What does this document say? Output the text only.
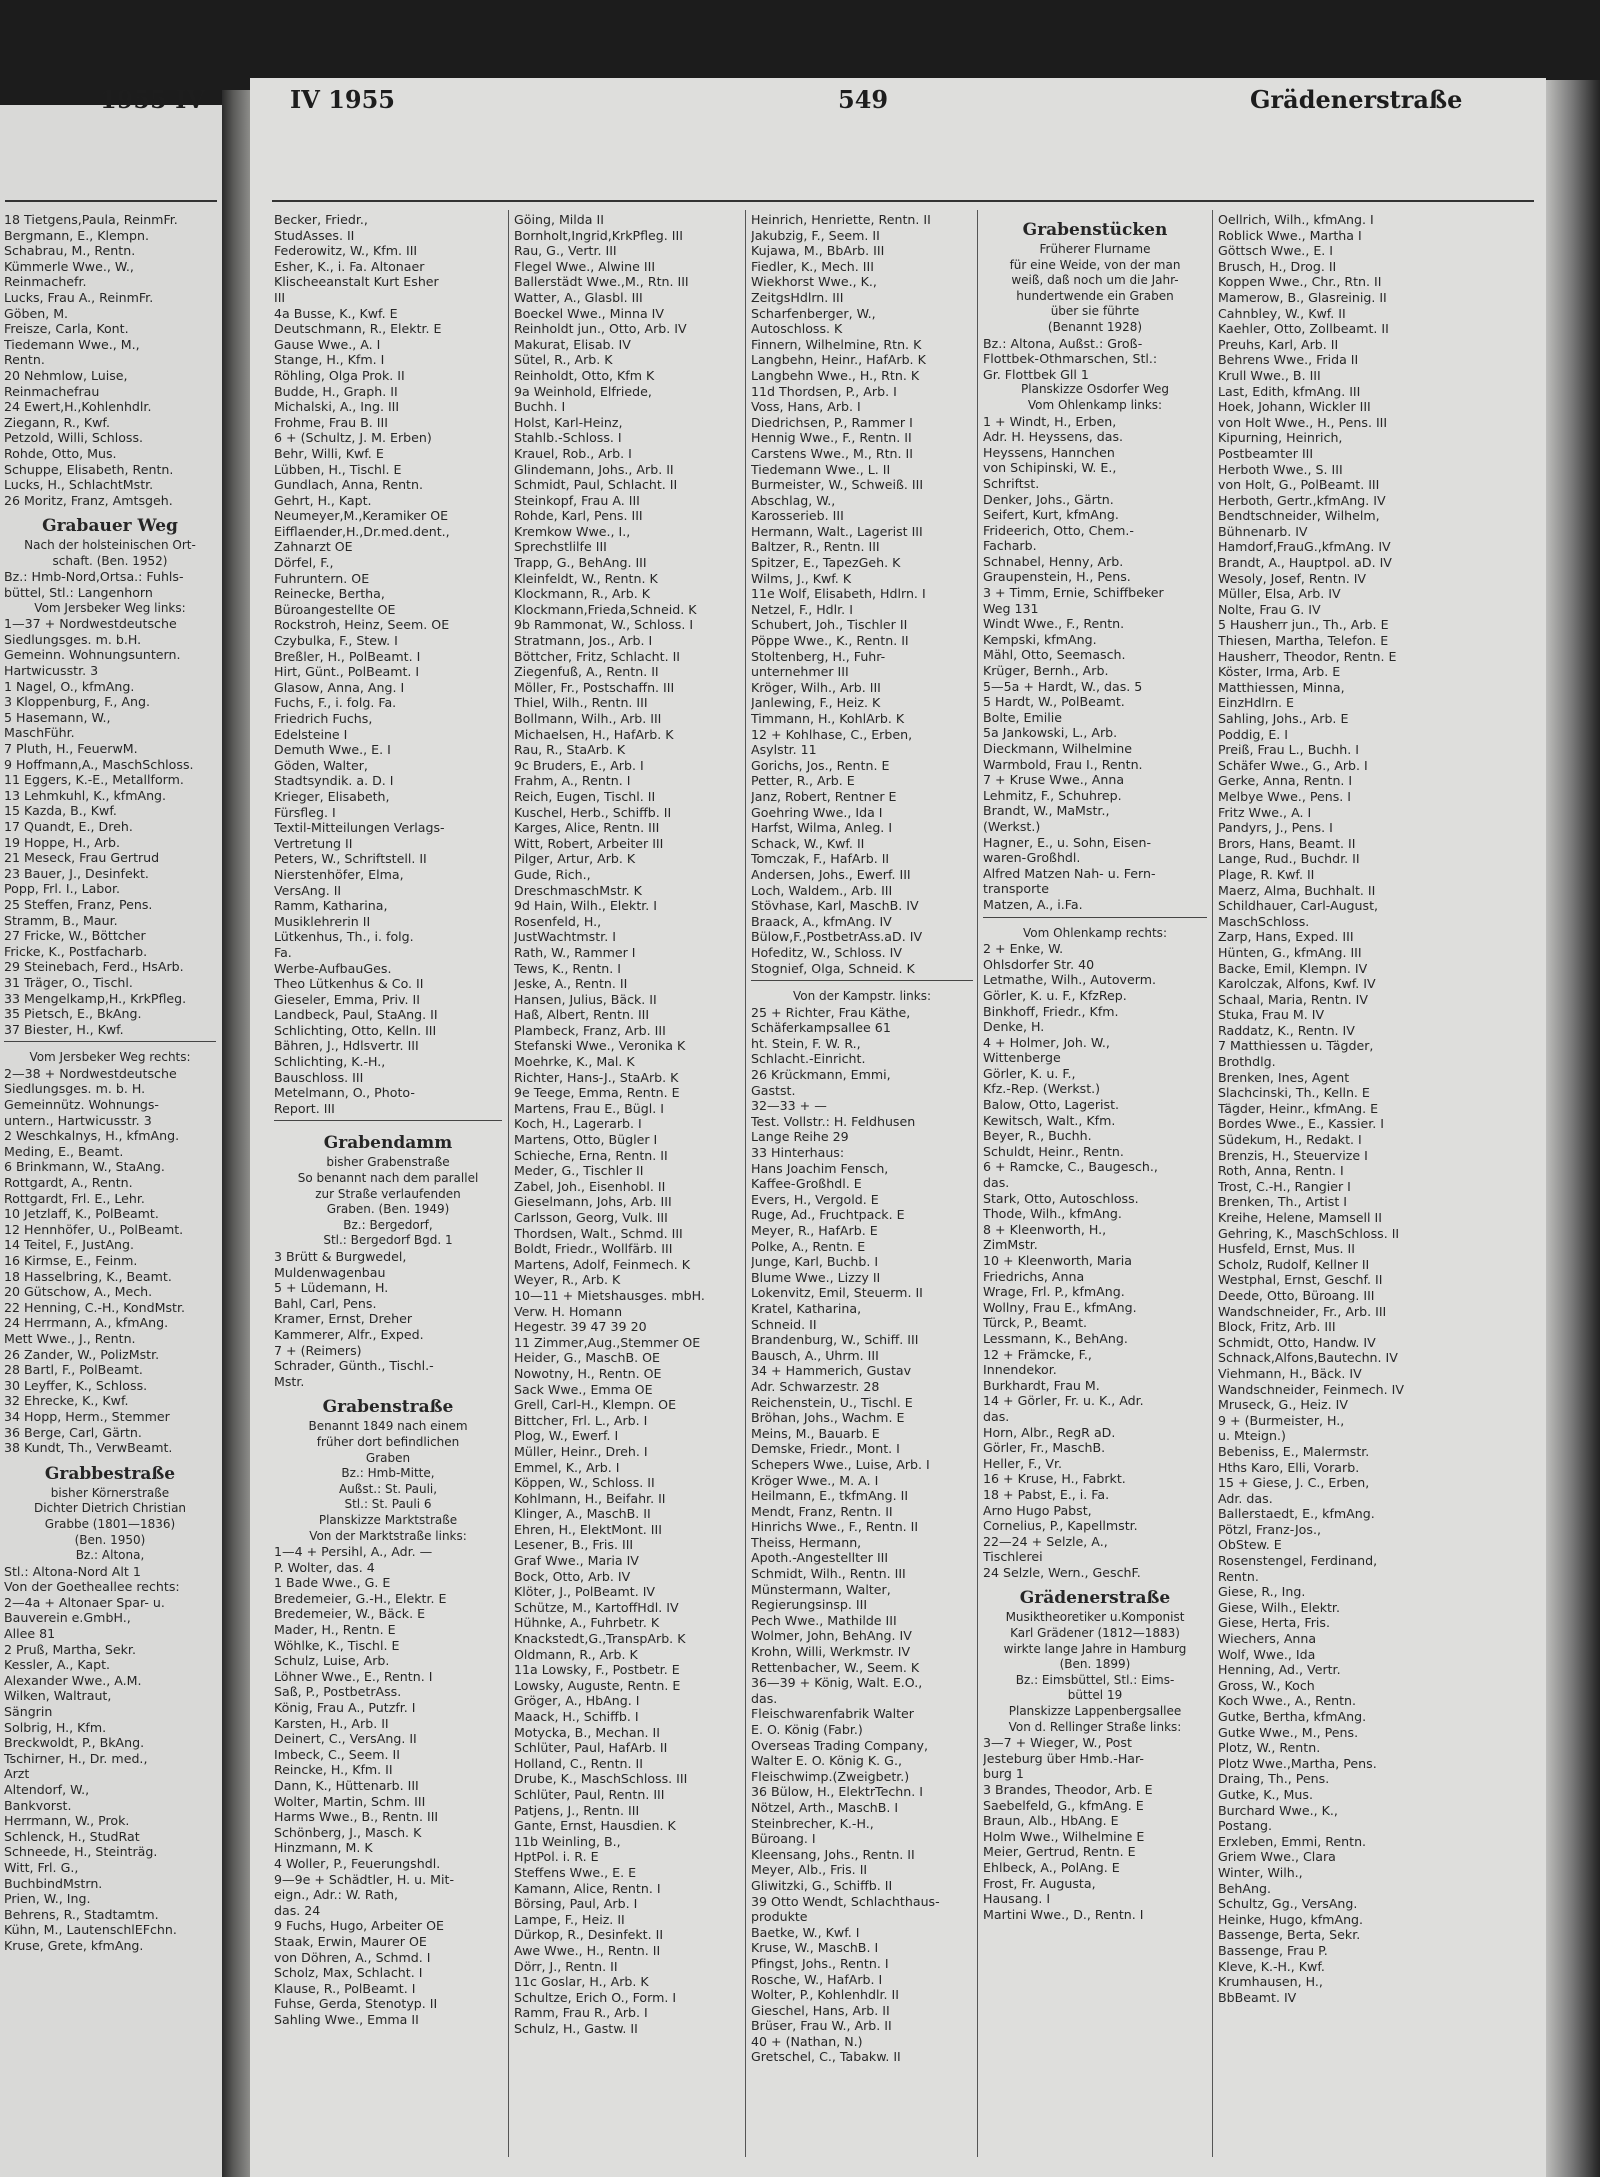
1955 IV	IV 1955	549	Grädenerstraße
18 Tietgens,Paula, ReinmFr.
Bergmann, E., Klempn.
Schabrau, M., Rentn.
Kümmerle Wwe., W.,
Reinmachefr.
Lucks, Frau A., ReinmFr.
Göben, M.
Freisze, Carla, Kont.
Tiedemann Wwe., M.,
Rentn.
20 Nehmlow, Luise,
Reinmachefrau
24 Ewert,H.,Kohlenhdlr.
Ziegann, R., Kwf.
Petzold, Willi, Schloss.
Rohde, Otto, Mus.
Schuppe, Elisabeth, Rentn.
Lucks, H., SchlachtMstr.
26 Moritz, Franz, Amtsgeh.
Grabauer Weg
Nach der holsteinischen Ort-
schaft. (Ben. 1952)
Bz.: Hmb-Nord,Ortsa.: Fuhls-
büttel, Stl.: Langenhorn
Vom Jersbeker Weg links:
1—37 + Nordwestdeutsche
Siedlungsges. m. b.H.
Gemeinn. Wohnungsuntern.
Hartwicusstr. 3
1 Nagel, O., kfmAng.
3 Kloppenburg, F., Ang.
5 Hasemann, W.,
MaschFühr.
7 Pluth, H., FeuerwM.
9 Hoffmann,A., MaschSchloss.
11 Eggers, K.-E., Metallform.
13 Lehmkuhl, K., kfmAng.
15 Kazda, B., Kwf.
17 Quandt, E., Dreh.
19 Hoppe, H., Arb.
21 Meseck, Frau Gertrud
23 Bauer, J., Desinfekt.
Popp, Frl. I., Labor.
25 Steffen, Franz, Pens.
Stramm, B., Maur.
27 Fricke, W., Böttcher
Fricke, K., Postfacharb.
29 Steinebach, Ferd., HsArb.
31 Träger, O., Tischl.
33 Mengelkamp,H., KrkPfleg.
35 Pietsch, E., BkAng.
37 Biester, H., Kwf.
Vom Jersbeker Weg rechts:
2—38 + Nordwestdeutsche
Siedlungsges. m. b. H.
Gemeinnütz. Wohnungs-
untern., Hartwicusstr. 3
2 Weschkalnys, H., kfmAng.
Meding, E., Beamt.
6 Brinkmann, W., StaAng.
Rottgardt, A., Rentn.
Rottgardt, Frl. E., Lehr.
10 Jetzlaff, K., PolBeamt.
12 Hennhöfer, U., PolBeamt.
14 Teitel, F., JustAng.
16 Kirmse, E., Feinm.
18 Hasselbring, K., Beamt.
20 Gütschow, A., Mech.
22 Henning, C.-H., KondMstr.
24 Herrmann, A., kfmAng.
Mett Wwe., J., Rentn.
26 Zander, W., PolizMstr.
28 Bartl, F., PolBeamt.
30 Leyffer, K., Schloss.
32 Ehrecke, K., Kwf.
34 Hopp, Herm., Stemmer
36 Berge, Carl, Gärtn.
38 Kundt, Th., VerwBeamt.
Grabbestraße
bisher Körnerstraße
Dichter Dietrich Christian
Grabbe (1801—1836)
(Ben. 1950)
Bz.: Altona,
Stl.: Altona-Nord Alt 1
Von der Goetheallee rechts:
2—4a + Altonaer Spar- u.
Bauverein e.GmbH.,
Allee 81
2 Pruß, Martha, Sekr.
Kessler, A., Kapt.
Alexander Wwe., A.M.
Wilken, Waltraut,
Sängrin
Solbrig, H., Kfm.
Breckwoldt, P., BkAng.
Tschirner, H., Dr. med.,
Arzt
Altendorf, W.,
Bankvorst.
Herrmann, W., Prok.
Schlenck, H., StudRat
Schneede, H., Steinträg.
Witt, Frl. G.,
BuchbindMstrn.
Prien, W., Ing.
Behrens, R., Stadtamtm.
Kühn, M., LautenschlEFchn.
Kruse, Grete, kfmAng.
Becker, Friedr.,
StudAsses. II
Federowitz, W., Kfm. III
Esher, K., i. Fa. Altonaer
Klischeeanstalt Kurt Esher
III
4a Busse, K., Kwf. E
Deutschmann, R., Elektr. E
Gause Wwe., A. I
Stange, H., Kfm. I
Röhling, Olga Prok. II
Budde, H., Graph. II
Michalski, A., Ing. III
Frohme, Frau B. III
6 + (Schultz, J. M. Erben)
Behr, Willi, Kwf. E
Lübben, H., Tischl. E
Gundlach, Anna, Rentn.
Gehrt, H., Kapt.
Neumeyer,M.,Keramiker OE
Eifflaender,H.,Dr.med.dent.,
Zahnarzt OE
Dörfel, F.,
Fuhruntern. OE
Reinecke, Bertha,
Büroangestellte OE
Rockstroh, Heinz, Seem. OE
Czybulka, F., Stew. I
Breßler, H., PolBeamt. I
Hirt, Günt., PolBeamt. I
Glasow, Anna, Ang. I
Fuchs, F., i. folg. Fa.
Friedrich Fuchs,
Edelsteine I
Demuth Wwe., E. I
Göden, Walter,
Stadtsyndik. a. D. I
Krieger, Elisabeth,
Fürsfleg. I
Textil-Mitteilungen Verlags-
Vertretung II
Peters, W., Schriftstell. II
Nierstenhöfer, Elma,
VersAng. II
Ramm, Katharina,
Musiklehrerin II
Lütkenhus, Th., i. folg.
Fa.
Werbe-AufbauGes.
Theo Lütkenhus & Co. II
Gieseler, Emma, Priv. II
Landbeck, Paul, StaAng. II
Schlichting, Otto, Kelln. III
Bähren, J., Hdlsvertr. III
Schlichting, K.-H.,
Bauschloss. III
Metelmann, O., Photo-
Report. III
Grabendamm
bisher Grabenstraße
So benannt nach dem parallel
zur Straße verlaufenden
Graben. (Ben. 1949)
Bz.: Bergedorf,
Stl.: Bergedorf Bgd. 1
3 Brütt & Burgwedel,
Muldenwagenbau
5 + Lüdemann, H.
Bahl, Carl, Pens.
Kramer, Ernst, Dreher
Kammerer, Alfr., Exped.
7 + (Reimers)
Schrader, Günth., Tischl.-
Mstr.
Grabenstraße
Benannt 1849 nach einem
früher dort befindlichen
Graben
Bz.: Hmb-Mitte,
Außst.: St. Pauli,
Stl.: St. Pauli 6
Planskizze Marktstraße
Von der Marktstraße links:
1—4 + Persihl, A., Adr. —
P. Wolter, das. 4
1 Bade Wwe., G. E
Bredemeier, G.-H., Elektr. E
Bredemeier, W., Bäck. E
Mader, H., Rentn. E
Wöhlke, K., Tischl. E
Schulz, Luise, Arb.
Löhner Wwe., E., Rentn. I
Saß, P., PostbetrAss.
König, Frau A., Putzfr. I
Karsten, H., Arb. II
Deinert, C., VersAng. II
Imbeck, C., Seem. II
Reincke, H., Kfm. II
Dann, K., Hüttenarb. III
Wolter, Martin, Schm. III
Harms Wwe., B., Rentn. III
Schönberg, J., Masch. K
Hinzmann, M. K
4 Woller, P., Feuerungshdl.
9—9e + Schädtler, H. u. Mit-
eign., Adr.: W. Rath,
das. 24
9 Fuchs, Hugo, Arbeiter OE
Staak, Erwin, Maurer OE
von Döhren, A., Schmd. I
Scholz, Max, Schlacht. I
Klause, R., PolBeamt. I
Fuhse, Gerda, Stenotyp. II
Sahling Wwe., Emma II
Göing, Milda II
Bornholt,Ingrid,KrkPfleg. III
Rau, G., Vertr. III
Flegel Wwe., Alwine III
Ballerstädt Wwe.,M., Rtn. III
Watter, A., Glasbl. III
Boeckel Wwe., Minna IV
Reinholdt jun., Otto, Arb. IV
Makurat, Elisab. IV
Sütel, R., Arb. K
Reinholdt, Otto, Kfm K
9a Weinhold, Elfriede,
Buchh. I
Holst, Karl-Heinz,
Stahlb.-Schloss. I
Krauel, Rob., Arb. I
Glindemann, Johs., Arb. II
Schmidt, Paul, Schlacht. II
Steinkopf, Frau A. III
Rohde, Karl, Pens. III
Kremkow Wwe., I.,
Sprechstlilfe III
Trapp, G., BehAng. III
Kleinfeldt, W., Rentn. K
Klockmann, R., Arb. K
Klockmann,Frieda,Schneid. K
9b Rammonat, W., Schloss. I
Stratmann, Jos., Arb. I
Böttcher, Fritz, Schlacht. II
Ziegenfuß, A., Rentn. II
Möller, Fr., Postschaffn. III
Thiel, Wilh., Rentn. III
Bollmann, Wilh., Arb. III
Michaelsen, H., HafArb. K
Rau, R., StaArb. K
9c Bruders, E., Arb. I
Frahm, A., Rentn. I
Reich, Eugen, Tischl. II
Kuschel, Herb., Schiffb. II
Karges, Alice, Rentn. III
Witt, Robert, Arbeiter III
Pilger, Artur, Arb. K
Gude, Rich.,
DreschmaschMstr. K
9d Hain, Wilh., Elektr. I
Rosenfeld, H.,
JustWachtmstr. I
Rath, W., Rammer I
Tews, K., Rentn. I
Jeske, A., Rentn. II
Hansen, Julius, Bäck. II
Haß, Albert, Rentn. III
Plambeck, Franz, Arb. III
Stefanski Wwe., Veronika K
Moehrke, K., Mal. K
Richter, Hans-J., StaArb. K
9e Teege, Emma, Rentn. E
Martens, Frau E., Bügl. I
Koch, H., Lagerarb. I
Martens, Otto, Bügler I
Schieche, Erna, Rentn. II
Meder, G., Tischler II
Zabel, Joh., Eisenhobl. II
Gieselmann, Johs, Arb. III
Carlsson, Georg, Vulk. III
Thordsen, Walt., Schmd. III
Boldt, Friedr., Wollfärb. III
Martens, Adolf, Feinmech. K
Weyer, R., Arb. K
10—11 + Mietshausges. mbH.
Verw. H. Homann
Hegestr. 39 47 39 20
11 Zimmer,Aug.,Stemmer OE
Heider, G., MaschB. OE
Nowotny, H., Rentn. OE
Sack Wwe., Emma OE
Grell, Carl-H., Klempn. OE
Bittcher, Frl. L., Arb. I
Plog, W., Ewerf. I
Müller, Heinr., Dreh. I
Emmel, K., Arb. I
Köppen, W., Schloss. II
Kohlmann, H., Beifahr. II
Klinger, A., MaschB. II
Ehren, H., ElektMont. III
Lesener, B., Fris. III
Graf Wwe., Maria IV
Bock, Otto, Arb. IV
Klöter, J., PolBeamt. IV
Schütze, M., KartoffHdl. IV
Hühnke, A., Fuhrbetr. K
Knackstedt,G.,TranspArb. K
Oldmann, R., Arb. K
11a Lowsky, F., Postbetr. E
Lowsky, Auguste, Rentn. E
Gröger, A., HbAng. I
Maack, H., Schiffb. I
Motycka, B., Mechan. II
Schlüter, Paul, HafArb. II
Holland, C., Rentn. II
Drube, K., MaschSchloss. III
Schlüter, Paul, Rentn. III
Patjens, J., Rentn. III
Gante, Ernst, Hausdien. K
11b Weinling, B.,
HptPol. i. R. E
Steffens Wwe., E. E
Kamann, Alice, Rentn. I
Börsing, Paul, Arb. I
Lampe, F., Heiz. II
Dürkop, R., Desinfekt. II
Awe Wwe., H., Rentn. II
Dörr, J., Rentn. II
11c Goslar, H., Arb. K
Schultze, Erich O., Form. I
Ramm, Frau R., Arb. I
Schulz, H., Gastw. II
Heinrich, Henriette, Rentn. II
Jakubzig, F., Seem. II
Kujawa, M., BbArb. III
Fiedler, K., Mech. III
Wiekhorst Wwe., K.,
ZeitgsHdlrn. III
Scharfenberger, W.,
Autoschloss. K
Finnern, Wilhelmine, Rtn. K
Langbehn, Heinr., HafArb. K
Langbehn Wwe., H., Rtn. K
11d Thordsen, P., Arb. I
Voss, Hans, Arb. I
Diedrichsen, P., Rammer I
Hennig Wwe., F., Rentn. II
Carstens Wwe., M., Rtn. II
Tiedemann Wwe., L. II
Burmeister, W., Schweiß. III
Abschlag, W.,
Karosserieb. III
Hermann, Walt., Lagerist III
Baltzer, R., Rentn. III
Spitzer, E., TapezGeh. K
Wilms, J., Kwf. K
11e Wolf, Elisabeth, Hdlrn. I
Netzel, F., Hdlr. I
Schubert, Joh., Tischler II
Pöppe Wwe., K., Rentn. II
Stoltenberg, H., Fuhr-
unternehmer III
Kröger, Wilh., Arb. III
Janlewing, F., Heiz. K
Timmann, H., KohlArb. K
12 + Kohlhase, C., Erben,
Asylstr. 11
Gorichs, Jos., Rentn. E
Petter, R., Arb. E
Janz, Robert, Rentner E
Goehring Wwe., Ida I
Harfst, Wilma, Anleg. I
Schack, W., Kwf. II
Tomczak, F., HafArb. II
Andersen, Johs., Ewerf. III
Loch, Waldem., Arb. III
Stövhase, Karl, MaschB. IV
Braack, A., kfmAng. IV
Bülow,F.,PostbetrAss.aD. IV
Hofeditz, W., Schloss. IV
Stognief, Olga, Schneid. K
Von der Kampstr. links:
25 + Richter, Frau Käthe,
Schäferkampsallee 61
ht. Stein, F. W. R.,
Schlacht.-Einricht.
26 Krückmann, Emmi,
Gastst.
32—33 + —
Test. Vollstr.: H. Feldhusen
Lange Reihe 29
33 Hinterhaus:
Hans Joachim Fensch,
Kaffee-Großhdl. E
Evers, H., Vergold. E
Ruge, Ad., Fruchtpack. E
Meyer, R., HafArb. E
Polke, A., Rentn. E
Junge, Karl, Buchb. I
Blume Wwe., Lizzy II
Lokenvitz, Emil, Steuerm. II
Kratel, Katharina,
Schneid. II
Brandenburg, W., Schiff. III
Bausch, A., Uhrm. III
34 + Hammerich, Gustav
Adr. Schwarzestr. 28
Reichenstein, U., Tischl. E
Bröhan, Johs., Wachm. E
Meins, M., Bauarb. E
Demske, Friedr., Mont. I
Schepers Wwe., Luise, Arb. I
Kröger Wwe., M. A. I
Heilmann, E., tkfmAng. II
Mendt, Franz, Rentn. II
Hinrichs Wwe., F., Rentn. II
Theiss, Hermann,
Apoth.-Angestellter III
Schmidt, Wilh., Rentn. III
Münstermann, Walter,
Regierungsinsp. III
Pech Wwe., Mathilde III
Wolmer, John, BehAng. IV
Krohn, Willi, Werkmstr. IV
Rettenbacher, W., Seem. K
36—39 + König, Walt. E.O.,
das.
Fleischwarenfabrik Walter
E. O. König (Fabr.)
Overseas Trading Company,
Walter E. O. König K. G.,
Fleischwimp.(Zweigbetr.)
36 Bülow, H., ElektrTechn. I
Nötzel, Arth., MaschB. I
Steinbrecher, K.-H.,
Büroang. I
Kleensang, Johs., Rentn. II
Meyer, Alb., Fris. II
Gliwitzki, G., Schiffb. II
39 Otto Wendt, Schlachthaus-
produkte
Baetke, W., Kwf. I
Kruse, W., MaschB. I
Pfingst, Johs., Rentn. I
Rosche, W., HafArb. I
Wolter, P., Kohlenhdlr. II
Gieschel, Hans, Arb. II
Brüser, Frau W., Arb. II
40 + (Nathan, N.)
Gretschel, C., Tabakw. II
Grabenstücken
Früherer Flurname
für eine Weide, von der man
weiß, daß noch um die Jahr-
hundertwende ein Graben
über sie führte
(Benannt 1928)
Bz.: Altona, Außst.: Groß-
Flottbek-Othmarschen, Stl.:
Gr. Flottbek Gll 1
Planskizze Osdorfer Weg
Vom Ohlenkamp links:
1 + Windt, H., Erben,
Adr. H. Heyssens, das.
Heyssens, Hannchen
von Schipinski, W. E.,
Schriftst.
Denker, Johs., Gärtn.
Seifert, Kurt, kfmAng.
Frideerich, Otto, Chem.-
Facharb.
Schnabel, Henny, Arb.
Graupenstein, H., Pens.
3 + Timm, Ernie, Schiffbeker
Weg 131
Windt Wwe., F., Rentn.
Kempski, kfmAng.
Mähl, Otto, Seemasch.
Krüger, Bernh., Arb.
5—5a + Hardt, W., das. 5
5 Hardt, W., PolBeamt.
Bolte, Emilie
5a Jankowski, L., Arb.
Dieckmann, Wilhelmine
Warmbold, Frau I., Rentn.
7 + Kruse Wwe., Anna
Lehmitz, F., Schuhrep.
Brandt, W., MaMstr.,
(Werkst.)
Hagner, E., u. Sohn, Eisen-
waren-Großhdl.
Alfred Matzen Nah- u. Fern-
transporte
Matzen, A., i.Fa.
Vom Ohlenkamp rechts:
2 + Enke, W.
Ohlsdorfer Str. 40
Letmathe, Wilh., Autoverm.
Görler, K. u. F., KfzRep.
Binkhoff, Friedr., Kfm.
Denke, H.
4 + Holmer, Joh. W.,
Wittenberge
Görler, K. u. F.,
Kfz.-Rep. (Werkst.)
Balow, Otto, Lagerist.
Kewitsch, Walt., Kfm.
Beyer, R., Buchh.
Schuldt, Heinr., Rentn.
6 + Ramcke, C., Baugesch.,
das.
Stark, Otto, Autoschloss.
Thode, Wilh., kfmAng.
8 + Kleenworth, H.,
ZimMstr.
10 + Kleenworth, Maria
Friedrichs, Anna
Wrage, Frl. P., kfmAng.
Wollny, Frau E., kfmAng.
Türck, P., Beamt.
Lessmann, K., BehAng.
12 + Främcke, F.,
Innendekor.
Burkhardt, Frau M.
14 + Görler, Fr. u. K., Adr.
das.
Horn, Albr., RegR aD.
Görler, Fr., MaschB.
Heller, F., Vr.
16 + Kruse, H., Fabrkt.
18 + Pabst, E., i. Fa.
Arno Hugo Pabst,
Cornelius, P., Kapellmstr.
22—24 + Selzle, A.,
Tischlerei
24 Selzle, Wern., GeschF.
Grädenerstraße
Musiktheoretiker u.Komponist
Karl Grädener (1812—1883)
wirkte lange Jahre in Hamburg
(Ben. 1899)
Bz.: Eimsbüttel, Stl.: Eims-
büttel 19
Planskizze Lappenbergsallee
Von d. Rellinger Straße links:
3—7 + Wieger, W., Post
Jesteburg über Hmb.-Har-
burg 1
3 Brandes, Theodor, Arb. E
Saebelfeld, G., kfmAng. E
Braun, Alb., HbAng. E
Holm Wwe., Wilhelmine E
Meier, Gertrud, Rentn. E
Ehlbeck, A., PolAng. E
Frost, Fr. Augusta,
Hausang. I
Martini Wwe., D., Rentn. I
Oellrich, Wilh., kfmAng. I
Roblick Wwe., Martha I
Göttsch Wwe., E. I
Brusch, H., Drog. II
Koppen Wwe., Chr., Rtn. II
Mamerow, B., Glasreinig. II
Cahnbley, W., Kwf. II
Kaehler, Otto, Zollbeamt. II
Preuhs, Karl, Arb. II
Behrens Wwe., Frida II
Krull Wwe., B. III
Last, Edith, kfmAng. III
Hoek, Johann, Wickler III
von Holt Wwe., H., Pens. III
Kipurning, Heinrich,
Postbeamter III
Herboth Wwe., S. III
von Holt, G., PolBeamt. III
Herboth, Gertr.,kfmAng. IV
Bendtschneider, Wilhelm,
Bühnenarb. IV
Hamdorf,FrauG.,kfmAng. IV
Brandt, A., Hauptpol. aD. IV
Wesoly, Josef, Rentn. IV
Müller, Elsa, Arb. IV
Nolte, Frau G. IV
5 Hausherr jun., Th., Arb. E
Thiesen, Martha, Telefon. E
Hausherr, Theodor, Rentn. E
Köster, Irma, Arb. E
Matthiessen, Minna,
EinzHdlrn. E
Sahling, Johs., Arb. E
Poddig, E. I
Preiß, Frau L., Buchh. I
Schäfer Wwe., G., Arb. I
Gerke, Anna, Rentn. I
Melbye Wwe., Pens. I
Fritz Wwe., A. I
Pandyrs, J., Pens. I
Brors, Hans, Beamt. II
Lange, Rud., Buchdr. II
Plage, R. Kwf. II
Maerz, Alma, Buchhalt. II
Schildhauer, Carl-August,
MaschSchloss.
Zarp, Hans, Exped. III
Hünten, G., kfmAng. III
Backe, Emil, Klempn. IV
Karolczak, Alfons, Kwf. IV
Schaal, Maria, Rentn. IV
Stuka, Frau M. IV
Raddatz, K., Rentn. IV
7 Matthiessen u. Tägder,
Brothdlg.
Brenken, Ines, Agent
Slachcinski, Th., Kelln. E
Tägder, Heinr., kfmAng. E
Bordes Wwe., E., Kassier. I
Südekum, H., Redakt. I
Brenzis, H., Steuervize I
Roth, Anna, Rentn. I
Trost, C.-H., Rangier I
Brenken, Th., Artist I
Kreihe, Helene, Mamsell II
Gehring, K., MaschSchloss. II
Husfeld, Ernst, Mus. II
Scholz, Rudolf, Kellner II
Westphal, Ernst, Geschf. II
Deede, Otto, Büroang. III
Wandschneider, Fr., Arb. III
Block, Fritz, Arb. III
Schmidt, Otto, Handw. IV
Schnack,Alfons,Bautechn. IV
Viehmann, H., Bäck. IV
Wandschneider, Feinmech. IV
Mruseck, G., Heiz. IV
9 + (Burmeister, H.,
u. Mteign.)
Bebeniss, E., Malermstr.
Hths Karo, Elli, Vorarb.
15 + Giese, J. C., Erben,
Adr. das.
Ballerstaedt, E., kfmAng.
Pötzl, Franz-Jos.,
ObStew. E
Rosenstengel, Ferdinand,
Rentn.
Giese, R., Ing.
Giese, Wilh., Elektr.
Giese, Herta, Fris.
Wiechers, Anna
Wolf, Wwe., Ida
Henning, Ad., Vertr.
Gross, W., Koch
Koch Wwe., A., Rentn.
Gutke, Bertha, kfmAng.
Gutke Wwe., M., Pens.
Plotz, W., Rentn.
Plotz Wwe.,Martha, Pens.
Draing, Th., Pens.
Gutke, K., Mus.
Burchard Wwe., K.,
Postang.
Erxleben, Emmi, Rentn.
Griem Wwe., Clara
Winter, Wilh.,
BehAng.
Schultz, Gg., VersAng.
Heinke, Hugo, kfmAng.
Bassenge, Berta, Sekr.
Bassenge, Frau P.
Kleve, K.-H., Kwf.
Krumhausen, H.,
BbBeamt. IV
